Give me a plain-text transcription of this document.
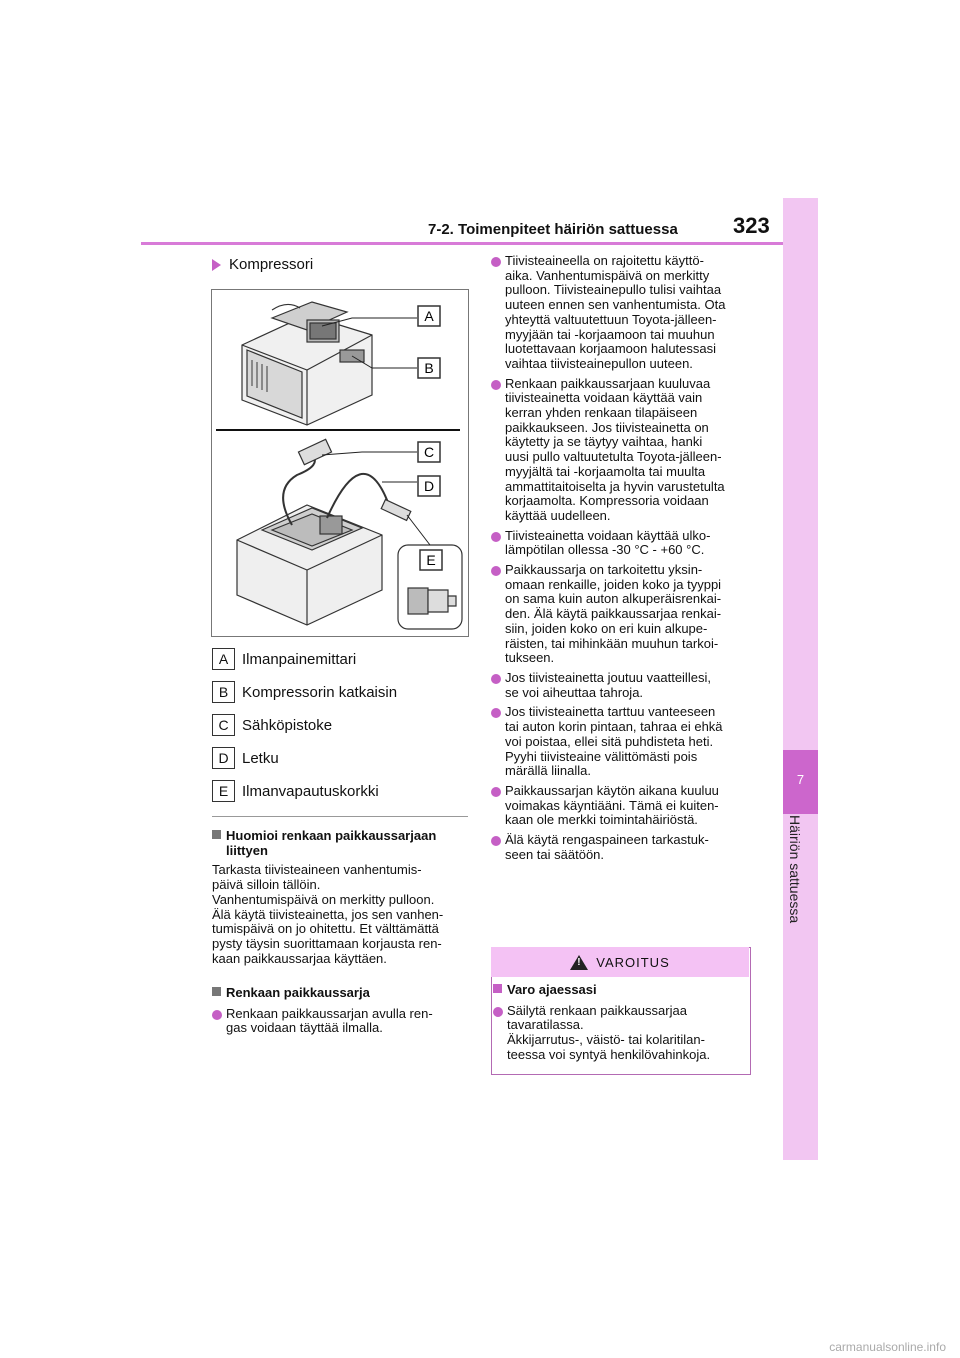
7-2. Toimenpiteet häiriön sattuessa	323
7
Häiriön sattuessa
Kompressori
A
B
C
D
E
A Ilmanpainemittari
B Kompressorin katkaisin
C Sähköpistoke
D Letku
E Ilmanvapautuskorkki
Huomioi renkaan paikkaussarjaan
liittyen
Tarkasta tiivisteaineen vanhentumis-
päivä silloin tällöin.
Vanhentumispäivä on merkitty pulloon.
Älä käytä tiivisteainetta, jos sen vanhen-
tumispäivä on jo ohitettu. Et välttämättä
pysty täysin suorittamaan korjausta ren-
kaan paikkaussarjaa käyttäen.
Renkaan paikkaussarja
Renkaan paikkaussarjan avulla ren-
gas voidaan täyttää ilmalla.
Tiivisteaineella on rajoitettu käyttö-
aika. Vanhentumispäivä on merkitty
pulloon. Tiivisteainepullo tulisi vaihtaa
uuteen ennen sen vanhentumista. Ota
yhteyttä valtuutettuun Toyota-jälleen-
myyjään tai -korjaamoon tai muuhun
luotettavaan korjaamoon halutessasi
vaihtaa tiivisteainepullon uuteen.
Renkaan paikkaussarjaan kuuluvaa
tiivisteainetta voidaan käyttää vain
kerran yhden renkaan tilapäiseen
paikkaukseen. Jos tiivisteainetta on
käytetty ja se täytyy vaihtaa, hanki
uusi pullo valtuutetulta Toyota-jälleen-
myyjältä tai -korjaamolta tai muulta
ammattitaitoiselta ja hyvin varustetulta
korjaamolta. Kompressoria voidaan
käyttää uudelleen.
Tiivisteainetta voidaan käyttää ulko-
lämpötilan ollessa -30 °C - +60 °C.
Paikkaussarja on tarkoitettu yksin-
omaan renkaille, joiden koko ja tyyppi
on sama kuin auton alkuperäisrenkai-
den. Älä käytä paikkaussarjaa renkai-
siin, joiden koko on eri kuin alkupe-
räisten, tai mihinkään muuhun tarkoi-
tukseen.
Jos tiivisteainetta joutuu vaatteillesi,
se voi aiheuttaa tahroja.
Jos tiivisteainetta tarttuu vanteeseen
tai auton korin pintaan, tahraa ei ehkä
voi poistaa, ellei sitä puhdisteta heti.
Pyyhi tiivisteaine välittömästi pois
märällä liinalla.
Paikkaussarjan käytön aikana kuuluu
voimakas käyntiääni. Tämä ei kuiten-
kaan ole merkki toimintahäiriöstä.
Älä käytä rengaspaineen tarkastuk-
seen tai säätöön.
!
VAROITUS
Varo ajaessasi
Säilytä renkaan paikkaussarjaa
tavaratilassa.
Äkkijarrutus-, väistö- tai kolaritilan-
teessa voi syntyä henkilövahinkoja.
carmanualsonline.info
